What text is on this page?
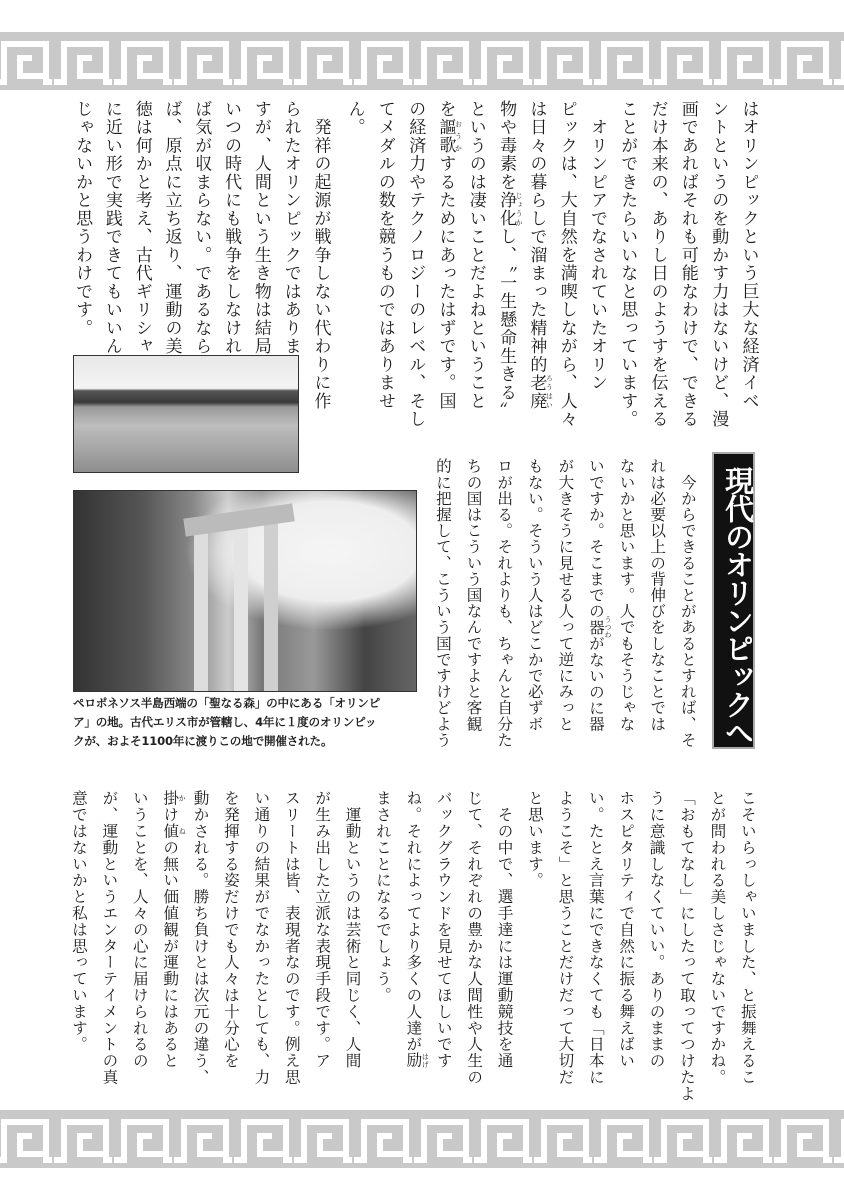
はオリンピックという巨大な経済イベ
ントというのを動かす力はないけど、漫
画であればそれも可能なわけで、できる
だけ本来の、ありし日のようすを伝える
ことができたらいいなと思っています。
　オリンピアでなされていたオリン
ピックは、大自然を満喫しながら、人々
は日々の暮らしで溜まった精神的老廃 ろうはい
物や毒素を浄化 じょうかし、〝一生懸命生きる〟
というのは凄いことだよねということ
を謳歌 おうかするためにあったはずです。国
の経済力やテクノロジーのレベル、そし
てメダルの数を競うものではありませ
ん。
　発祥の起源が戦争しない代わりに作
られたオリンピックではありま
すが、人間という生き物は結局
いつの時代にも戦争をしなけれ
ば気が収まらない。であるなら
ば、原点に立ち返り、運動の美
徳は何かと考え、古代ギリシャ
に近い形で実践できてもいいん
じゃないかと思うわけです。
　今からできることがあるとすれば、そ
れは必要以上の背伸びをしなことでは
ないかと思います。人でもそうじゃな
いですか。そこまでの器 うつわがないのに器
が大きそうに見せる人って逆にみっと
もない。そういう人はどこかで必ずボ
ロが出る。それよりも、ちゃんと自分た
ちの国はこういう国なんですよと客観
的に把握して、こういう国ですけどよう
こそいらっしゃいました、と振舞えるこ
とが問われる美しさじゃないですかね。
「おもてなし」にしたって取ってつけたよ
うに意識しなくていい。ありのままの
ホスピタリティで自然に振る舞えばい
い。たとえ言葉にできなくても「日本に
ようこそ」と思うことだけだって大切だ
と思います。
　その中で、選手達には運動競技を通
じて、それぞれの豊かな人間性や人生の
バックグラウンドを見せてほしいです
ね。それによってより多くの人達が励 はげ
まされことになるでしょう。
　運動というのは芸術と同じく、人間
が生み出した立派な表現手段です。ア
スリートは皆、表現者なのです。例え思
い通りの結果がでなかったとしても、力
を発揮する姿だけでも人々は十分心を
動かされる。勝ち負けとは次元の違う、
掛 かけ値 ねの無い価値観が運動にはあると
いうことを、人々の心に届けられるの
が、運動というエンターテイメントの真
意ではないかと私は思っています。
ペロポネソス半島西端の「聖なる森」の中にある「オリンピ
ア」の地。古代エリス市が管轄し、4年に１度のオリンピッ
クが、およそ1100年に渡りこの地で開催された。	現代のオリンピックへ
